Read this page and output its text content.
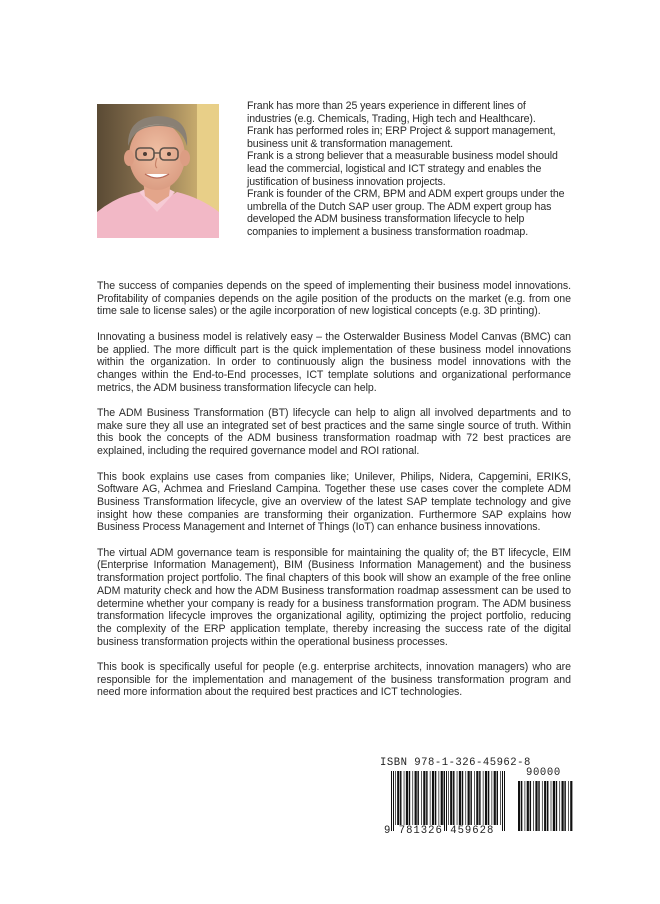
Frank has more than 25 years experience in different lines of industries (e.g. Chemicals, Trading, High tech and Healthcare).

Frank has performed roles in; ERP Project & support management, business unit & transformation management.

Frank is a strong believer that a measurable business model should lead the commercial, logistical and ICT strategy and enables the justification of business innovation projects.

Frank is founder of the CRM, BPM and ADM expert groups under the umbrella of the Dutch SAP user group. The ADM expert group has developed the ADM business transformation lifecycle to help companies to implement a business transformation roadmap.

The success of companies depends on the speed of implementing their business model innovations. Profitability of companies depends on the agile position of the products on the market (e.g. from one time sale to license sales) or the agile incorporation of new logistical concepts (e.g. 3D printing).

Innovating a business model is relatively easy – the Osterwalder Business Model Canvas (BMC) can be applied. The more difficult part is the quick implementation of these business model innovations within the organization. In order to continuously align the business model innovations with the changes within the End-to-End processes, ICT template solutions and organizational performance metrics, the ADM business transformation lifecycle can help.

The ADM Business Transformation (BT) lifecycle can help to align all involved departments and to make sure they all use an integrated set of best practices and the same single source of truth. Within this book the concepts of the ADM business transformation roadmap with 72 best practices are explained, including the required governance model and ROI rational.

This book explains use cases from companies like; Unilever, Philips, Nidera, Capgemini, ERIKS, Software AG, Achmea and Friesland Campina. Together these use cases cover the complete ADM Business Transformation lifecycle, give an overview of the latest SAP template technology and give insight how these companies are transforming their organization. Furthermore SAP explains how Business Process Management and Internet of Things (IoT) can enhance business innovations.

The virtual ADM governance team is responsible for maintaining the quality of; the BT lifecycle, EIM (Enterprise Information Management), BIM (Business Information Management) and the business transformation project portfolio. The final chapters of this book will show an example of the free online ADM maturity check and how the ADM Business transformation roadmap assessment can be used to determine whether your company is ready for a business transformation program. The ADM business transformation lifecycle improves the organizational agility, optimizing the project portfolio, reducing the complexity of the ERP application template, thereby increasing the success rate of the digital business transformation projects within the operational business processes.

This book is specifically useful for people (e.g. enterprise architects, innovation managers) who are responsible for the implementation and management of the business transformation program and need more information about the required best practices and ICT technologies.

ISBN 978-1-326-45962-8
90000
9 781326 459628
